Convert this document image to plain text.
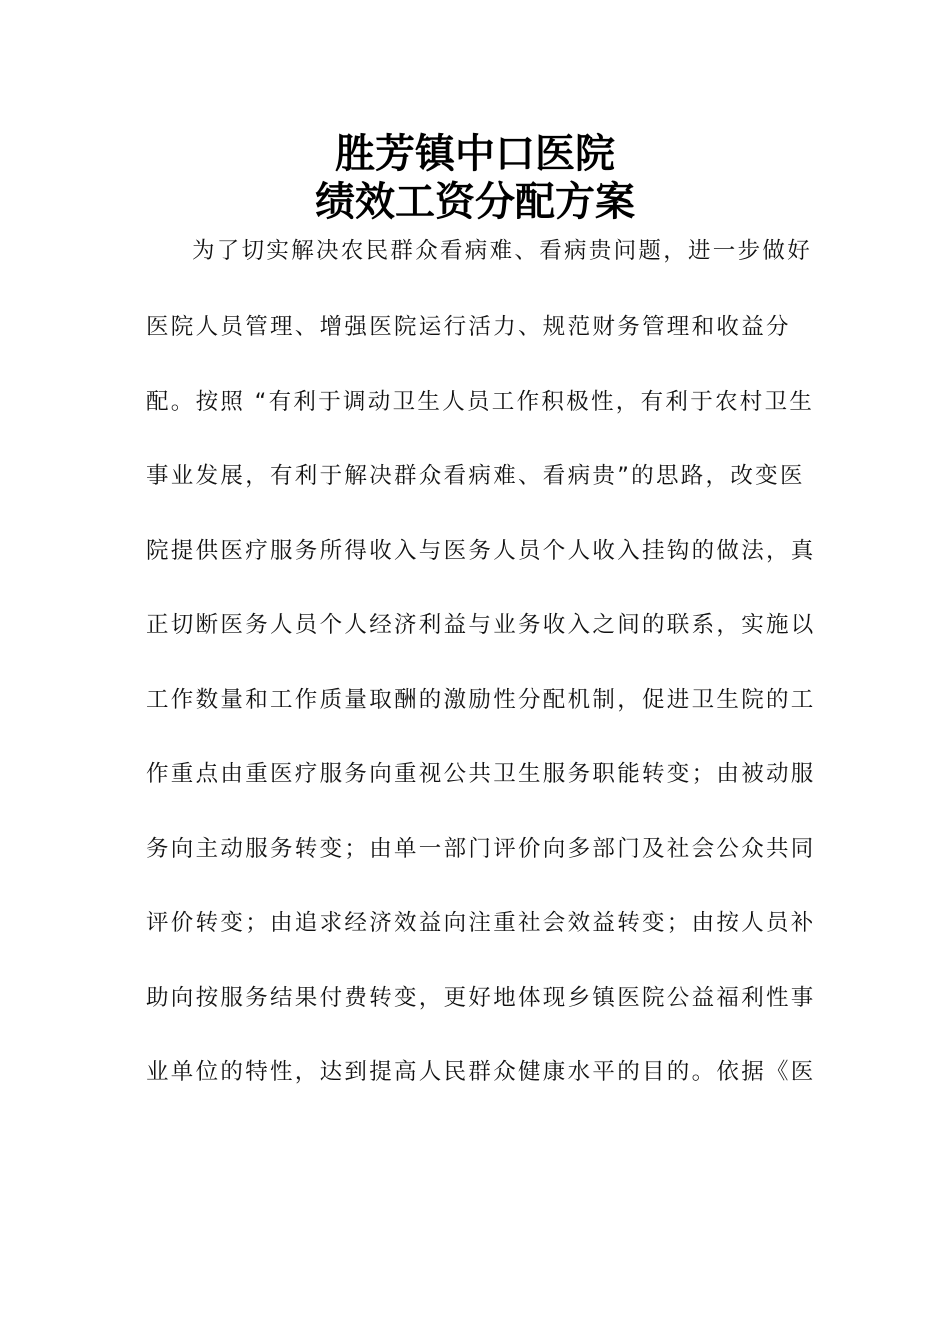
胜芳镇中口医院
绩效工资分配方案
为了切实解决农民群众看病难、看病贵问题，进一步做好
医院人员管理、增强医院运行活力、规范财务管理和收益分
配。按照 “有利于调动卫生人员工作积极性，有利于农村卫生
事业发展，有利于解决群众看病难、看病贵”的思路，改变医
院提供医疗服务所得收入与医务人员个人收入挂钩的做法，真
正切断医务人员个人经济利益与业务收入之间的联系，实施以
工作数量和工作质量取酬的激励性分配机制，促进卫生院的工
作重点由重医疗服务向重视公共卫生服务职能转变；由被动服
务向主动服务转变；由单一部门评价向多部门及社会公众共同
评价转变；由追求经济效益向注重社会效益转变；由按人员补
助向按服务结果付费转变，更好地体现乡镇医院公益福利性事
业单位的特性，达到提高人民群众健康水平的目的。依据《医
